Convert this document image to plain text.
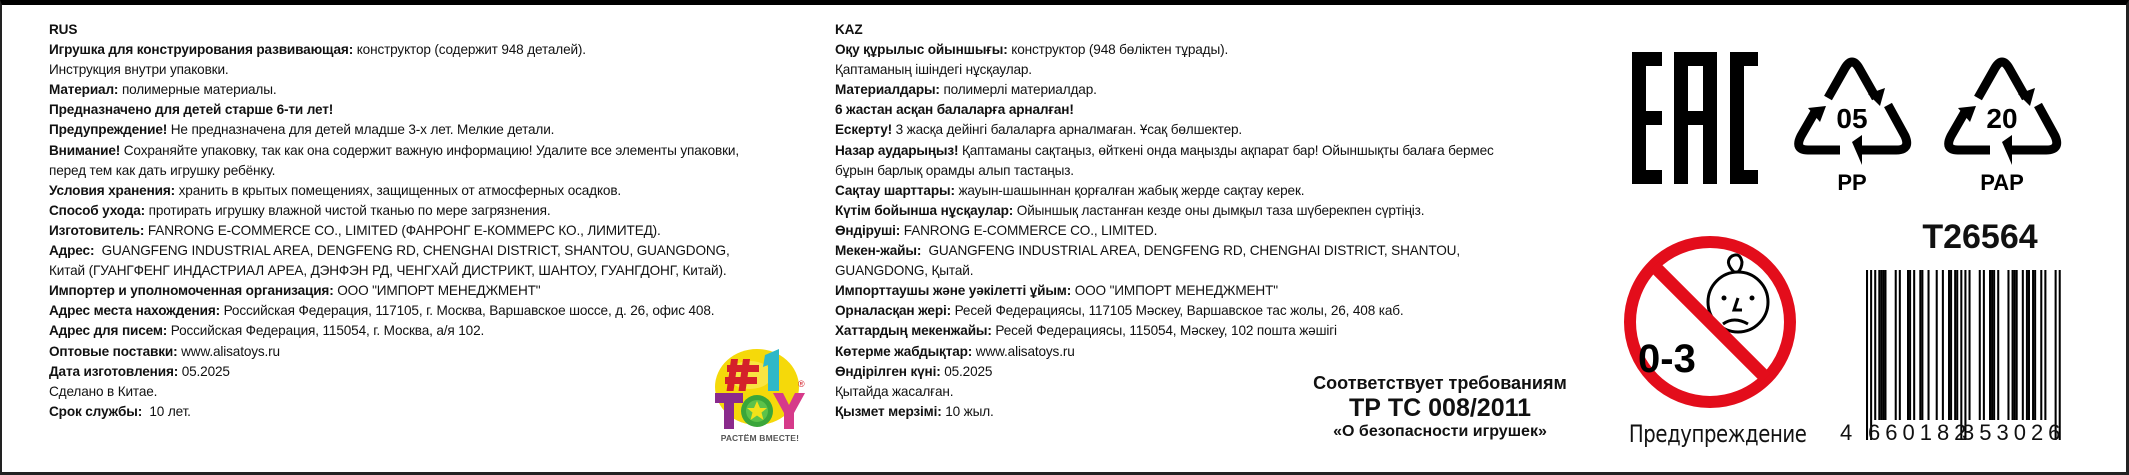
RUS
Игрушка для конструирования развивающая: конструктор (содержит 948 деталей).
Инструкция внутри упаковки.
Материал: полимерные материалы.
Предназначено для детей старше 6-ти лет!
Предупреждение! Не предназначена для детей младше 3-х лет. Мелкие детали.
Внимание! Сохраняйте упаковку, так как она содержит важную информацию! Удалите все элементы упаковки,
перед тем как дать игрушку ребёнку.
Условия хранения: хранить в крытых помещениях, защищенных от атмосферных осадков.
Способ ухода: протирать игрушку влажной чистой тканью по мере загрязнения.
Изготовитель: FANRONG E-COMMERCE CO., LIMITED (ФАНРОНГ Е-КОММЕРС КО., ЛИМИТЕД).
Адрес:  GUANGFENG INDUSTRIAL AREA, DENGFENG RD, CHENGHAI DISTRICT, SHANTOU, GUANGDONG,
Китай (ГУАНГФЕНГ ИНДАСТРИАЛ АРЕА, ДЭНФЭН РД, ЧЕНГХАЙ ДИСТРИКТ, ШАНТОУ, ГУАНГДОНГ, Китай).
Импортер и уполномоченная организация: ООО "ИМПОРТ МЕНЕДЖМЕНТ"
Адрес места нахождения: Российская Федерация, 117105, г. Москва, Варшавское шоссе, д. 26, офис 408.
Адрес для писем: Российская Федерация, 115054, г. Москва, а/я 102.
Оптовые поставки: www.alisatoys.ru
Дата изготовления: 05.2025
Сделано в Китае.
Срок службы:  10 лет.
KAZ
Оқу құрылыс ойыншығы: конструктор (948 бөліктен тұрады).
Қаптаманың ішіндегі нұсқаулар.
Материалдары: полимерлі материалдар.
6 жастан асқан балаларға арналған!
Ескерту! 3 жасқа дейінгі балаларға арналмаған. Ұсақ бөлшектер.
Назар аударыңыз! Қаптаманы сақтаңыз, өйткені онда маңызды ақпарат бар! Ойыншықты балаға бермес
бұрын барлық орамды алып тастаңыз.
Сақтау шарттары: жауын-шашыннан қорғалған жабық жерде сақтау керек.
Күтім бойынша нұсқаулар: Ойыншық ластанған кезде оны дымқыл таза шүберекпен сүртіңіз.
Өндіруші: FANRONG E-COMMERCE CO., LIMITED.
Мекен-жайы:  GUANGFENG INDUSTRIAL AREA, DENGFENG RD, CHENGHAI DISTRICT, SHANTOU,
GUANGDONG, Қытай.
Импорттаушы және уәкілетті ұйым: ООО "ИМПОРТ МЕНЕДЖМЕНТ"
Орналасқан жері: Ресей Федерациясы, 117105 Мәскеу, Варшавское тас жолы, 26, 408 каб.
Хаттардың мекенжайы: Ресей Федерациясы, 115054, Мәскеу, 102 пошта жәшігі
Көтерме жабдықтар: www.alisatoys.ru
Өндірілген күні: 05.2025
Қытайда жасалған.
Қызмет мерзімі: 10 жыл.
®
РАСТЁМ ВМЕСТЕ!
Соответствует требованиям
ТР ТС 008/2011
«О безопасности игрушек»
05
PP
20
PAP
0-3
Предупреждение
T26564
4 660182
353026
